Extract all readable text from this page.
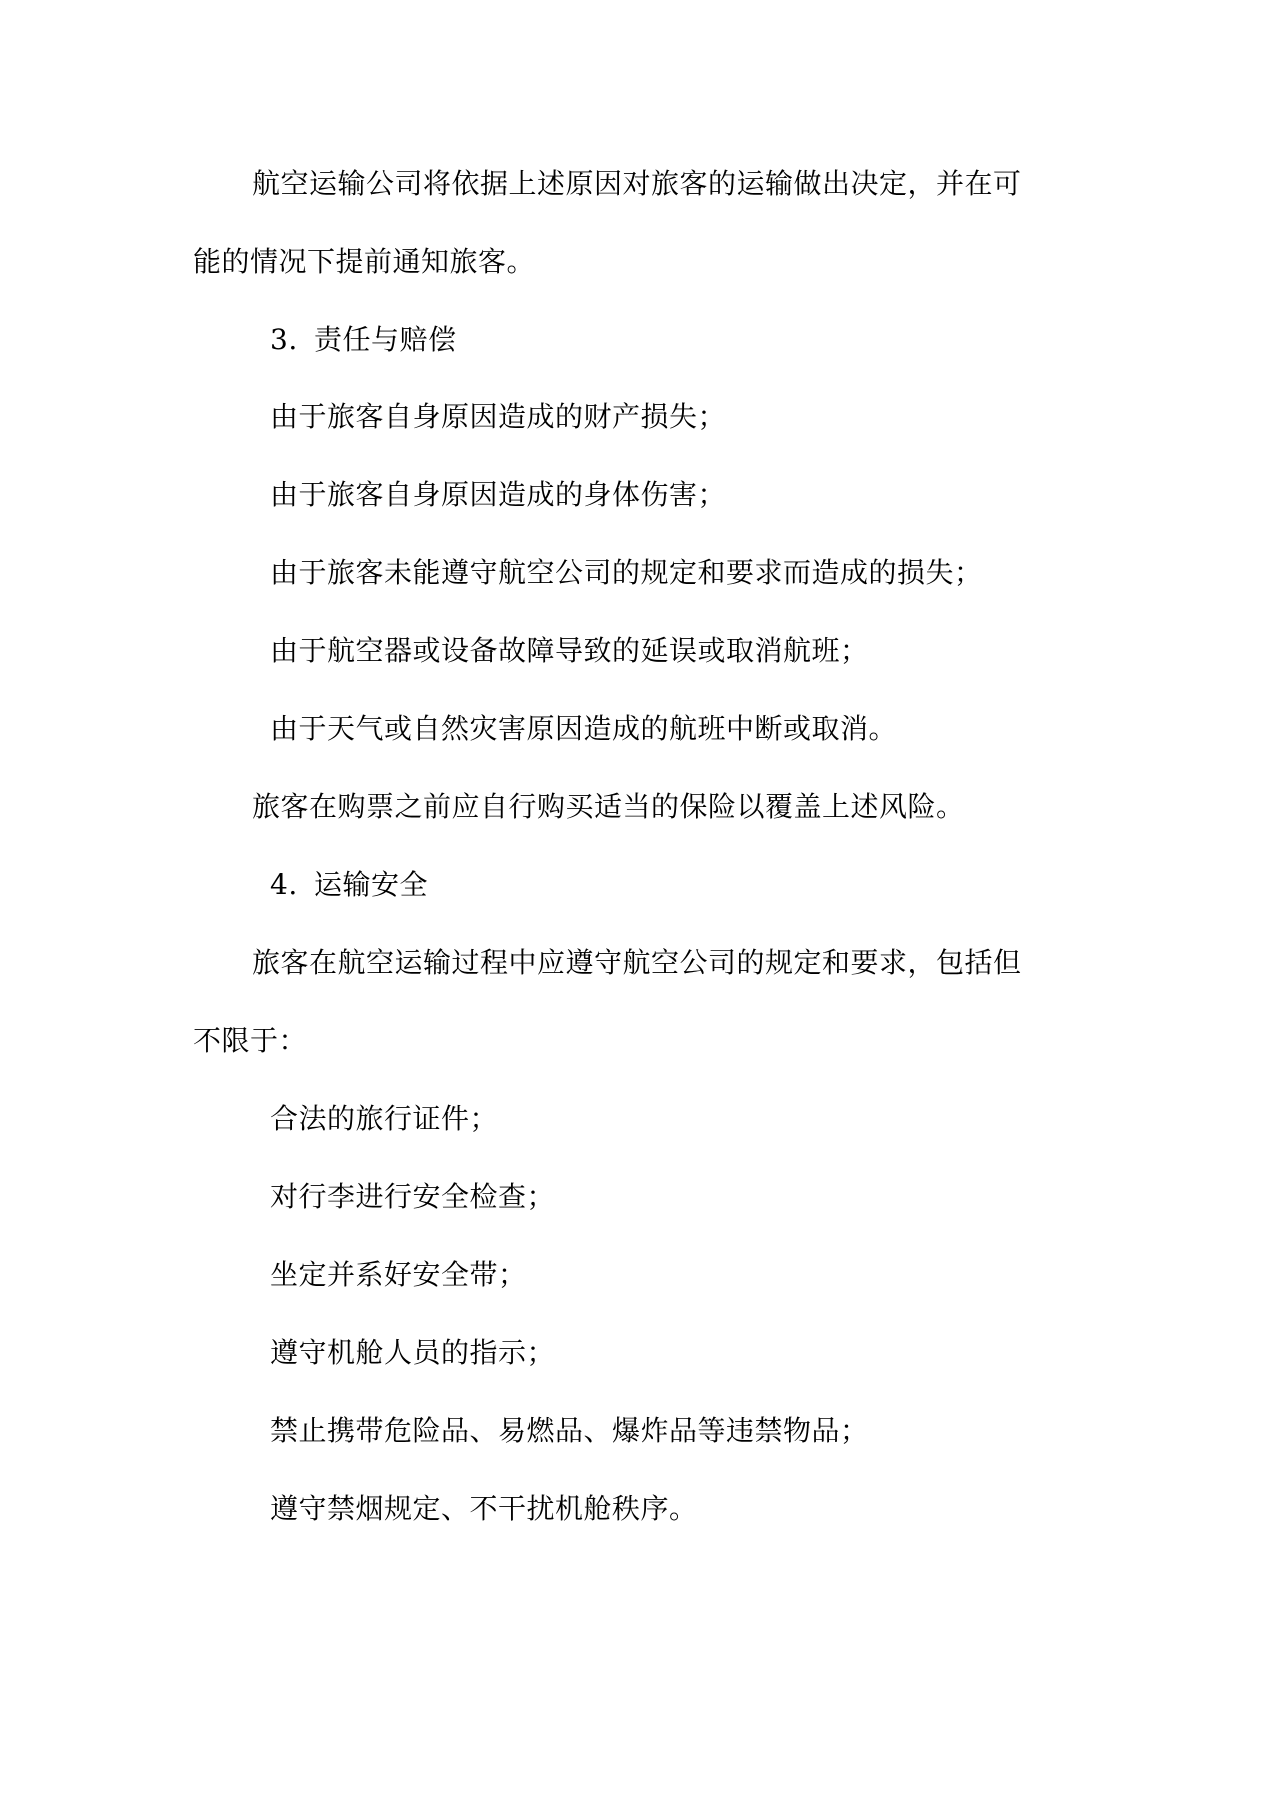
航空运输公司将依据上述原因对旅客的运输做出决定，并在可
能的情况下提前通知旅客。
3. 责任与赔偿
由于旅客自身原因造成的财产损失；
由于旅客自身原因造成的身体伤害；
由于旅客未能遵守航空公司的规定和要求而造成的损失；
由于航空器或设备故障导致的延误或取消航班；
由于天气或自然灾害原因造成的航班中断或取消。
旅客在购票之前应自行购买适当的保险以覆盖上述风险。
4. 运输安全
旅客在航空运输过程中应遵守航空公司的规定和要求，包括但
不限于：
合法的旅行证件；
对行李进行安全检查；
坐定并系好安全带；
遵守机舱人员的指示；
禁止携带危险品、易燃品、爆炸品等违禁物品；
遵守禁烟规定、不干扰机舱秩序。
